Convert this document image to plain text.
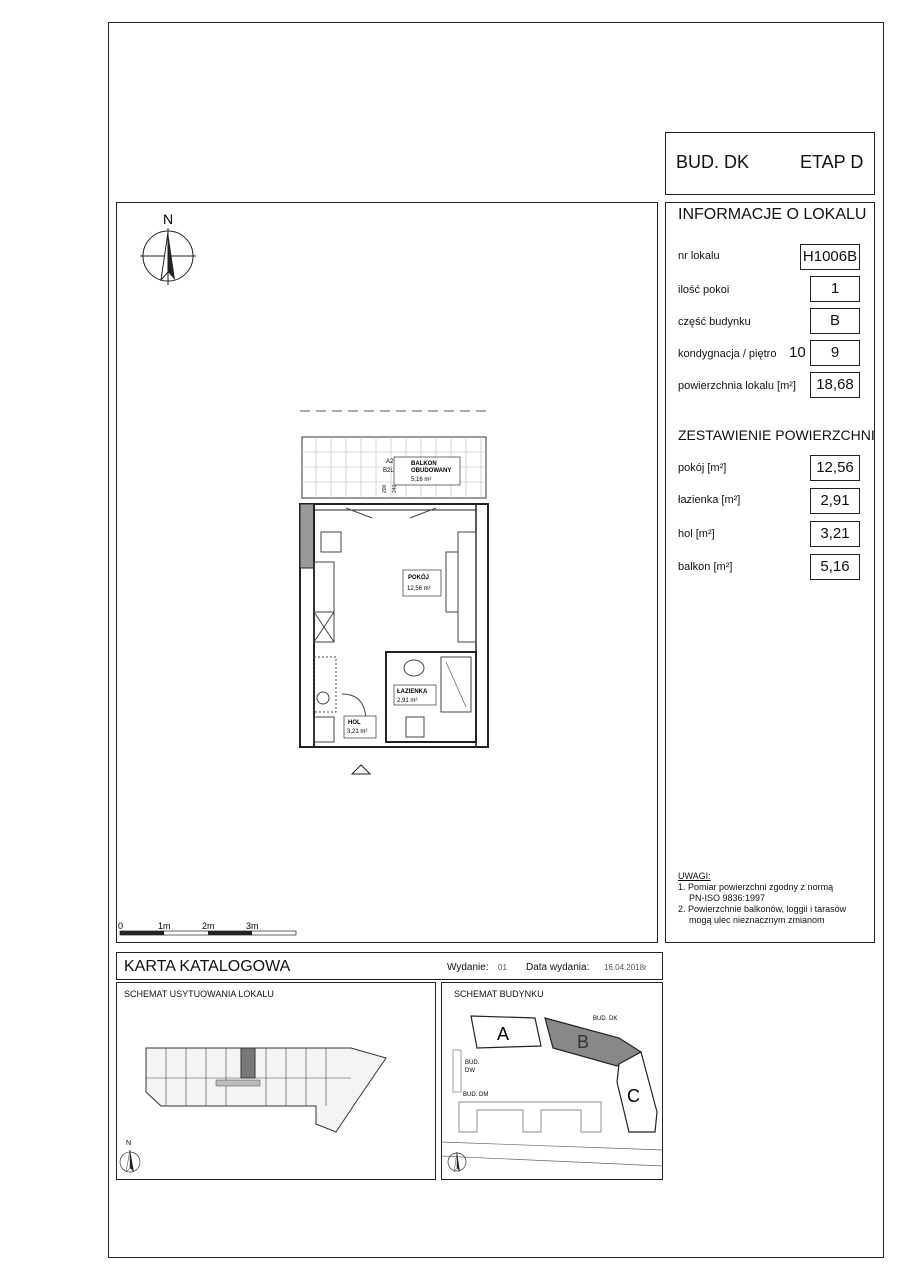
BUD. DK	ETAP D
INFORMACJE O LOKALU
nr lokalu	H1006B
ilość pokoi	1
część budynku	B
kondygnacja / piętro 10	9
powierzchnia lokalu [m²]	18,68
ZESTAWIENIE POWIERZCHNI
pokój [m²]	12,56
łazienka [m²]	2,91
hol [m²]	3,21
balkon [m²]	5,16
UWAGI:
1. Pomiar powierzchni zgodny z normą
PN-ISO 9836:1997
2. Powierzchnie balkonów, loggii i tarasów
mogą ulec nieznacznym zmianom
N
BALKON
OBUDOWANY
5,16 m²
A2
B2L
200 240
POKÓJ
12,56 m²
ŁAZIENKA
2,91 m²
HOL
3,21 m²
0	1m	2m	3m
KARTA KATALOGOWA	Wydanie: 01 Data wydania: 16.04.2018r
SCHEMAT USYTUOWANIA LOKALU	SCHEMAT BUDYNKU
N
A	B
C
BUD. DK
BUD.
DW
BUD. DM
